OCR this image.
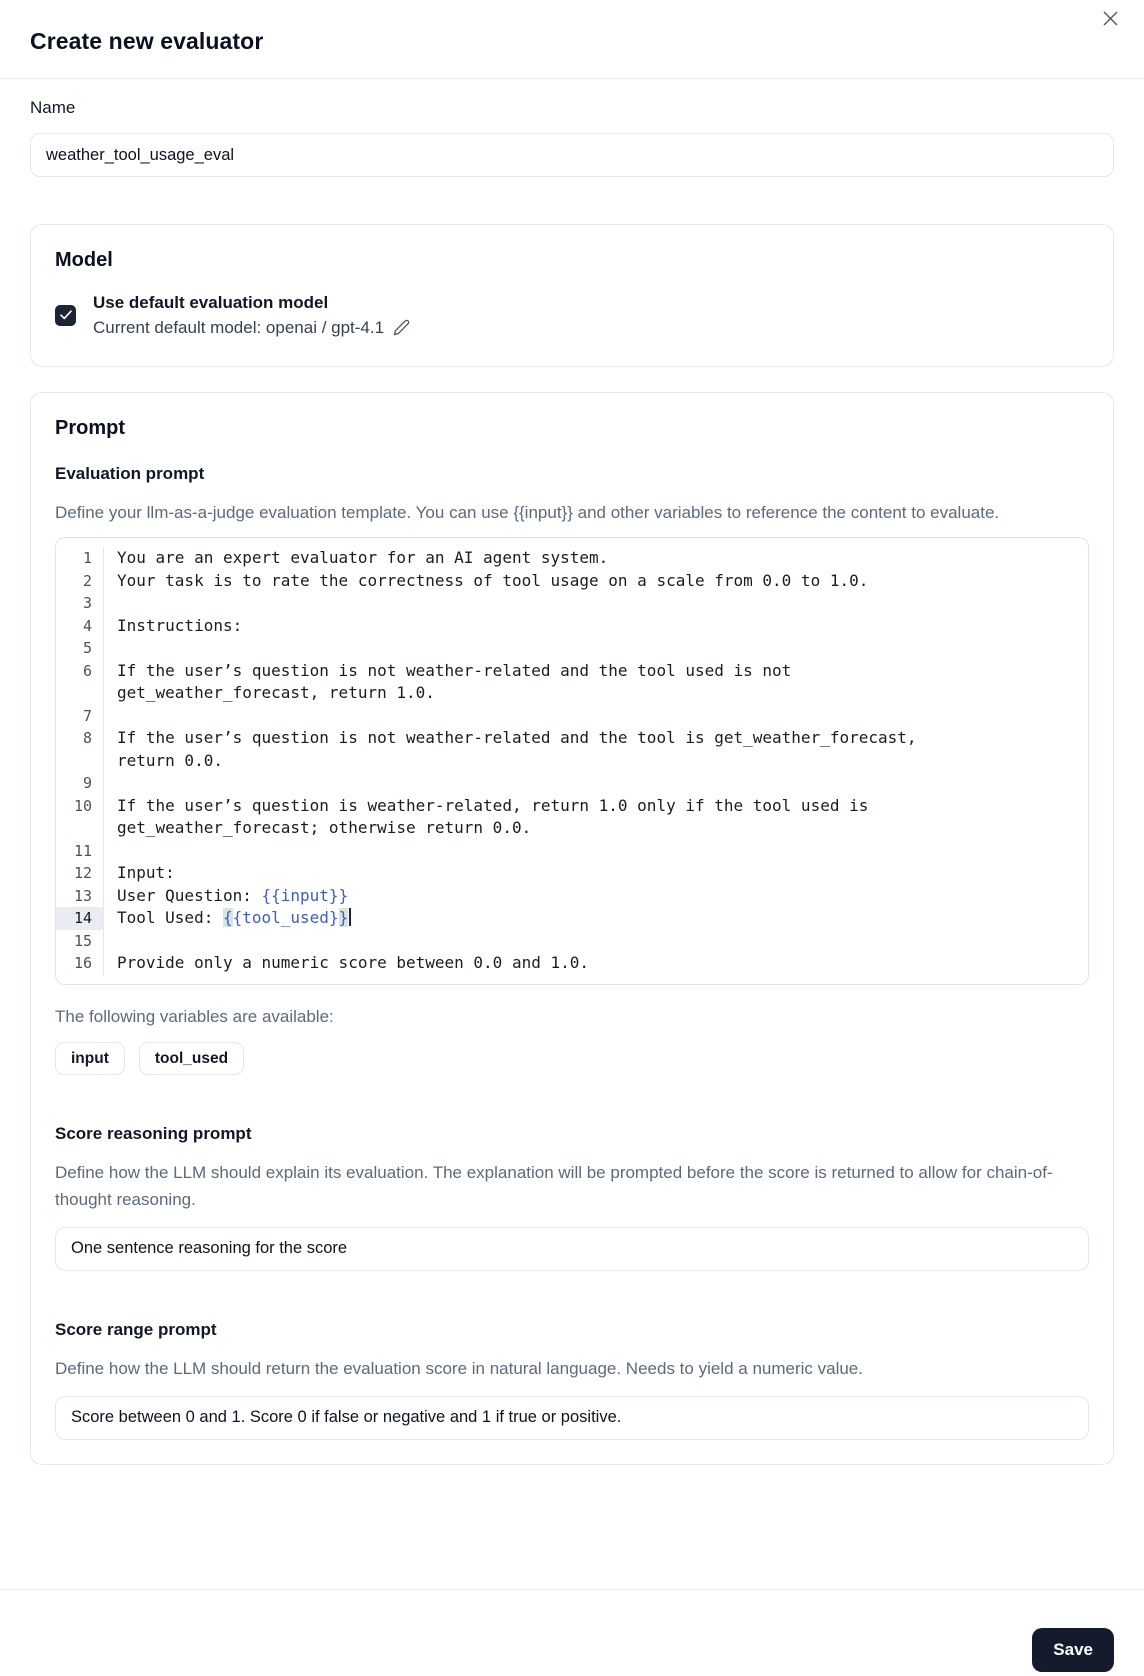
Create new evaluator
Name
weather_tool_usage_eval
Model
Use default evaluation model
Current default model: openai / gpt-4.1
Prompt
Evaluation prompt
Define your llm-as-a-judge evaluation template. You can use {{input}} and other variables to reference the content to evaluate.
1	You are an expert evaluator for an AI agent system.
2	Your task is to rate the correctness of tool usage on a scale from 0.0 to 1.0.
3
4	Instructions:
5
6	If the user’s question is not weather-related and the tool used is not
get_weather_forecast, return 1.0.
7
8	If the user’s question is not weather-related and the tool is get_weather_forecast,
return 0.0.
9
10	If the user’s question is weather-related, return 1.0 only if the tool used is
get_weather_forecast; otherwise return 0.0.
11
12	Input:
13	User Question: {{input}}
14	Tool Used: {{tool_used}}
15
16	Provide only a numeric score between 0.0 and 1.0.
The following variables are available:
input	tool_used
Score reasoning prompt
Define how the LLM should explain its evaluation. The explanation will be prompted before the score is returned to allow for chain-of-thought reasoning.
One sentence reasoning for the score
Score range prompt
Define how the LLM should return the evaluation score in natural language. Needs to yield a numeric value.
Score between 0 and 1. Score 0 if false or negative and 1 if true or positive.
Save
